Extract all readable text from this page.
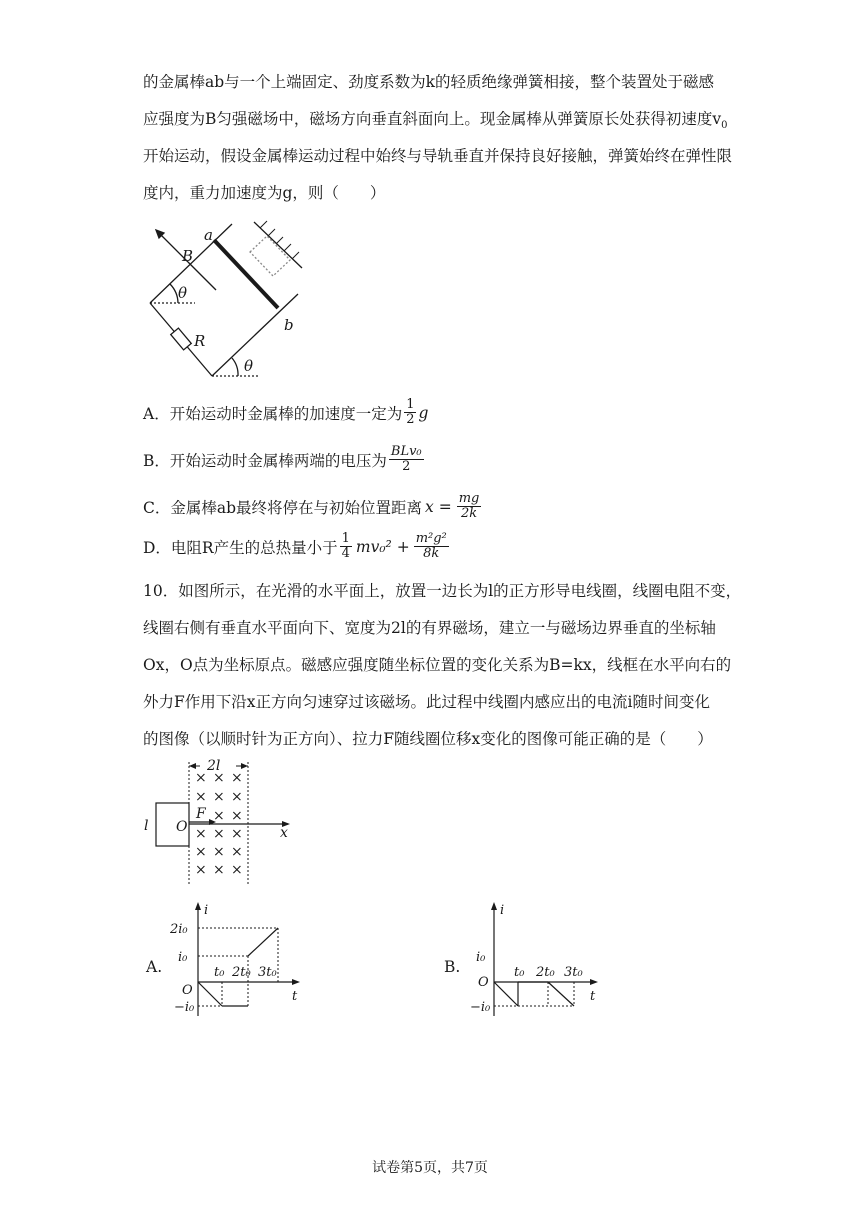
的金属棒ab与一个上端固定、劲度系数为k的轻质绝缘弹簧相接，整个装置处于磁感
应强度为B匀强磁场中，磁场方向垂直斜面向上。现金属棒从弹簧原长处获得初速度$v_0$
开始运动，假设金属棒运动过程中始终与导轨垂直并保持良好接触，弹簧始终在弹性限
度内，重力加速度为g，则（　　）
a
b
B
θ
R
θ
A．开始运动时金属棒的加速度一定为 $\frac{1}{2}$ g
B．开始运动时金属棒两端的电压为 $\frac{\text{BLv₀}}{2}$
C．金属棒ab最终将停在与初始位置距离 $x = \frac{mg}{2k}$
D．电阻R产生的总热量小于 $\frac{1}{4} mv_0^2 + \frac{\text{m²g²}}{8k}$
10．如图所示，在光滑的水平面上，放置一边长为l的正方形导电线圈，线圈电阻不变，
线圈右侧有垂直水平面向下、宽度为2l的有界磁场，建立一与磁场边界垂直的坐标轴
Ox，O点为坐标原点。磁感应强度随坐标位置的变化关系为B=kx，线框在水平向右的
外力F作用下沿x正方向匀速穿过该磁场。此过程中线圈内感应出的电流i随时间变化
的图像（以顺时针为正方向）、拉力F随线圈位移x变化的图像可能正确的是（　　）
× × ×
× × ×
× ×
× × ×
× × ×
× × ×
2l
l O
F
x
A.
i
t
O
2i₀
i₀
−i₀
t₀ 2t₀ 3t₀	B.
i
t
O
i₀
−i₀
t₀ 2t₀ 3t₀
试卷第5页，共7页
